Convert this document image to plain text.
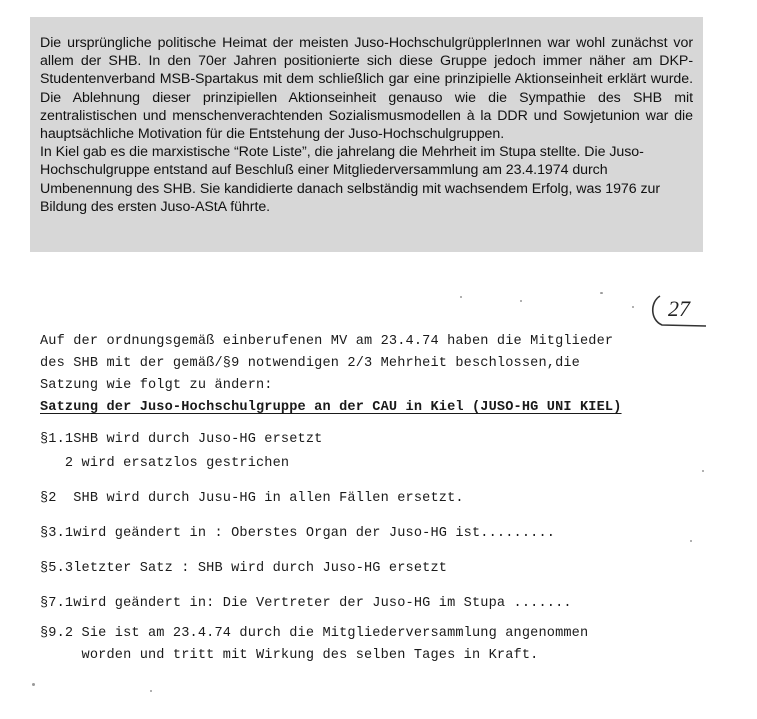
Die ursprüngliche politische Heimat der meisten Juso-HochschulgrüpplerInnen war wohl zunächst vor allem der SHB. In den 70er Jahren positionierte sich diese Gruppe jedoch immer näher am DKP-Studentenverband MSB-Spartakus mit dem schließlich gar eine prinzipielle Aktionseinheit erklärt wurde. Die Ablehnung dieser prinzipiellen Aktionseinheit genauso wie die Sympathie des SHB mit zentralistischen und menschenverachtenden Sozialismusmodellen à la DDR und Sowjetunion war die hauptsächliche Motivation für die Entstehung der Juso-Hochschulgruppen.

In Kiel gab es die marxistische “Rote Liste”, die jahrelang die Mehrheit im Stupa stellte. Die Juso-Hochschulgruppe entstand auf Beschluß einer Mitgliederversammlung am 23.4.1974 durch Umbenennung des SHB. Sie kandidierte danach selbständig mit wachsendem Erfolg, was 1976 zur Bildung des ersten Juso-AStA führte.

27
Auf der ordnungsgemäß einberufenen MV am 23.4.74 haben die Mitglieder
des SHB mit der gemäß/§9 notwendigen 2/3 Mehrheit beschlossen,die
Satzung wie folgt zu ändern:
Satzung der Juso-Hochschulgruppe an der CAU in Kiel (JUSO-HG UNI KIEL)
§1.1SHB wird durch Juso-HG ersetzt
2 wird ersatzlos gestrichen
§2  SHB wird durch Jusu-HG in allen Fällen ersetzt.
§3.1wird geändert in : Oberstes Organ der Juso-HG ist.........
§5.3letzter Satz : SHB wird durch Juso-HG ersetzt
§7.1wird geändert in: Die Vertreter der Juso-HG im Stupa .......
§9.2 Sie ist am 23.4.74 durch die Mitgliederversammlung angenommen
worden und tritt mit Wirkung des selben Tages in Kraft.
